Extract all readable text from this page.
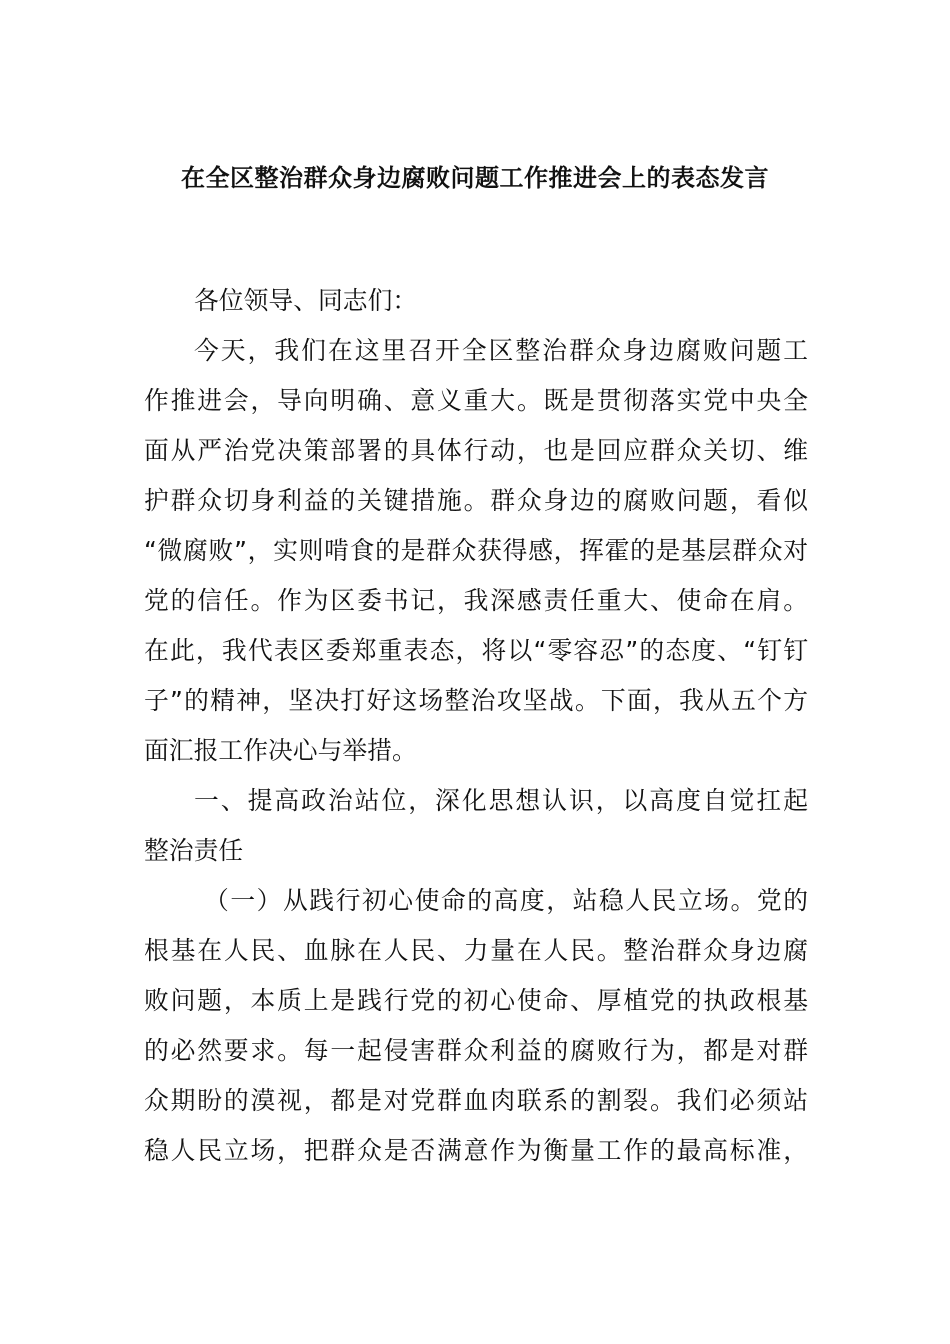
在全区整治群众身边腐败问题工作推进会上的表态发言
各位领导、同志们：
今天，我们在这里召开全区整治群众身边腐败问题工
作推进会，导向明确、意义重大。既是贯彻落实党中央全
面从严治党决策部署的具体行动，也是回应群众关切、维
护群众切身利益的关键措施。群众身边的腐败问题，看似
“微腐败”，实则啃食的是群众获得感，挥霍的是基层群众对
党的信任。作为区委书记，我深感责任重大、使命在肩。
在此，我代表区委郑重表态，将以“零容忍”的态度、“钉钉
子”的精神，坚决打好这场整治攻坚战。下面，我从五个方
面汇报工作决心与举措。
一、提高政治站位，深化思想认识，以高度自觉扛起
整治责任
（一）从践行初心使命的高度，站稳人民立场。党的
根基在人民、血脉在人民、力量在人民。整治群众身边腐
败问题，本质上是践行党的初心使命、厚植党的执政根基
的必然要求。每一起侵害群众利益的腐败行为，都是对群
众期盼的漠视，都是对党群血肉联系的割裂。我们必须站
稳人民立场，把群众是否满意作为衡量工作的最高标准，
